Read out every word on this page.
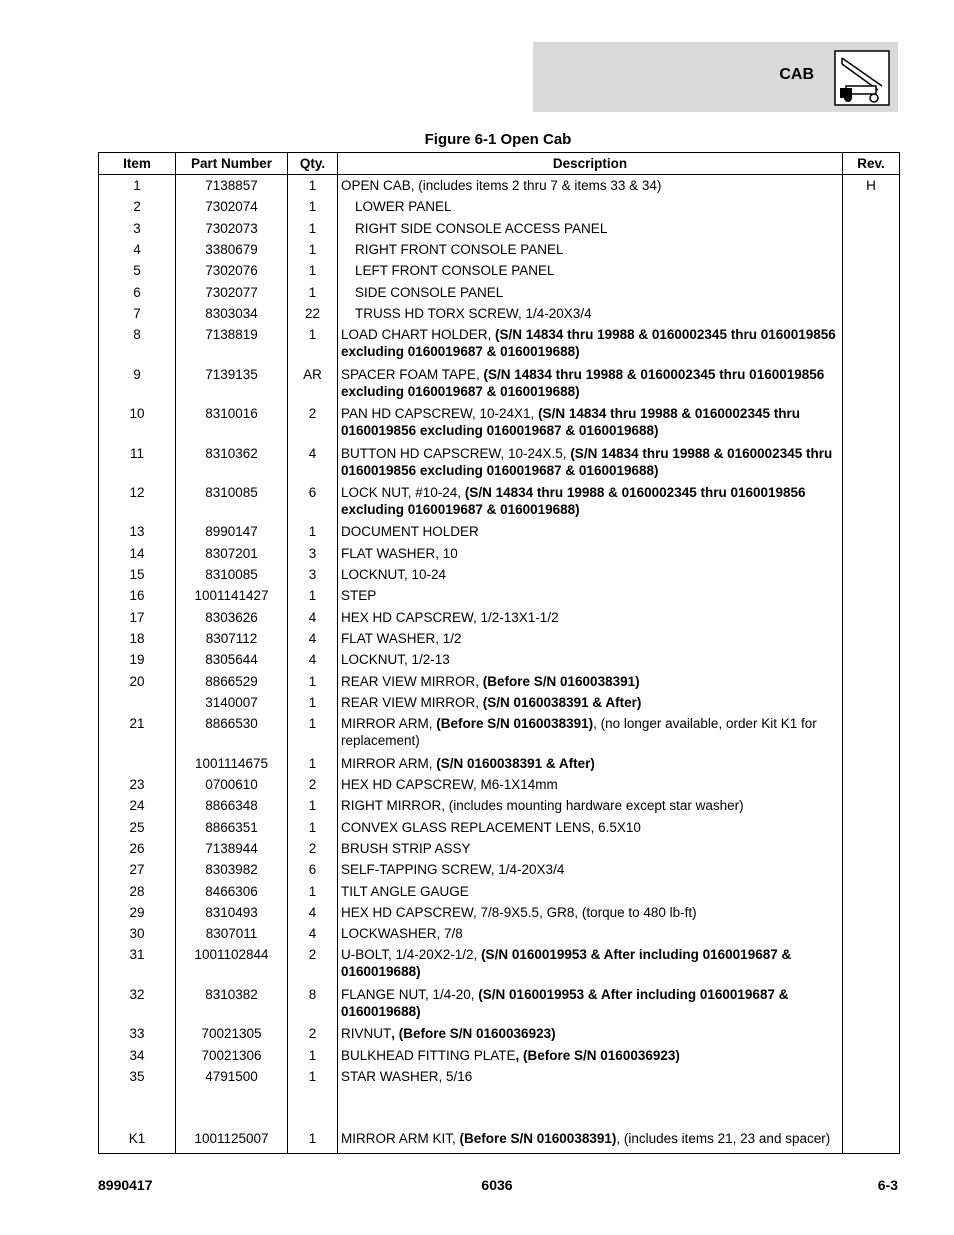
CAB
Figure 6-1 Open Cab
Item	Part Number	Qty.	Description	Rev.
1	7138857	1	OPEN CAB, (includes items 2 thru 7 & items 33 & 34)	H
2	7302074	1	LOWER PANEL	

3	7302073	1	RIGHT SIDE CONSOLE ACCESS PANEL	

4	3380679	1	RIGHT FRONT CONSOLE PANEL	

5	7302076	1	LEFT FRONT CONSOLE PANEL	

6	7302077	1	SIDE CONSOLE PANEL	

7	8303034	22	TRUSS HD TORX SCREW, 1/4-20X3/4	

8	7138819	1	LOAD CHART HOLDER, (S/N 14834 thru 19988 & 0160002345 thru 0160019856 excluding 0160019687 & 0160019688)	

9	7139135	AR	SPACER FOAM TAPE, (S/N 14834 thru 19988 & 0160002345 thru 0160019856 excluding 0160019687 & 0160019688)	

10	8310016	2	PAN HD CAPSCREW, 10-24X1, (S/N 14834 thru 19988 & 0160002345 thru 0160019856 excluding 0160019687 & 0160019688)	

11	8310362	4	BUTTON HD CAPSCREW, 10-24X.5, (S/N 14834 thru 19988 & 0160002345 thru 0160019856 excluding 0160019687 & 0160019688)	

12	8310085	6	LOCK NUT, #10-24, (S/N 14834 thru 19988 & 0160002345 thru 0160019856 excluding 0160019687 & 0160019688)	

13	8990147	1	DOCUMENT HOLDER	

14	8307201	3	FLAT WASHER, 10	

15	8310085	3	LOCKNUT, 10-24	

16	1001141427	1	STEP	

17	8303626	4	HEX HD CAPSCREW, 1/2-13X1-1/2	

18	8307112	4	FLAT WASHER, 1/2	

19	8305644	4	LOCKNUT, 1/2-13	

20	8866529	1	REAR VIEW MIRROR, (Before S/N 0160038391)	

	3140007	1	REAR VIEW MIRROR, (S/N 0160038391 & After)	

21	8866530	1	MIRROR ARM, (Before S/N 0160038391), (no longer available, order Kit K1 for replacement)	

	1001114675	1	MIRROR ARM, (S/N 0160038391 & After)	

23	0700610	2	HEX HD CAPSCREW, M6-1X14mm	

24	8866348	1	RIGHT MIRROR, (includes mounting hardware except star washer)	

25	8866351	1	CONVEX GLASS REPLACEMENT LENS, 6.5X10	

26	7138944	2	BRUSH STRIP ASSY	

27	8303982	6	SELF-TAPPING SCREW, 1/4-20X3/4	

28	8466306	1	TILT ANGLE GAUGE	

29	8310493	4	HEX HD CAPSCREW, 7/8-9X5.5, GR8, (torque to 480 lb-ft)	

30	8307011	4	LOCKWASHER, 7/8	

31	1001102844	2	U-BOLT, 1/4-20X2-1/2, (S/N 0160019953 & After including 0160019687 & 0160019688)	

32	8310382	8	FLANGE NUT, 1/4-20, (S/N 0160019953 & After including 0160019687 & 0160019688)	

33	70021305	2	RIVNUT, (Before S/N 0160036923)	

34	70021306	1	BULKHEAD FITTING PLATE, (Before S/N 0160036923)	

35	4791500	1	STAR WASHER, 5/16	

K1	1001125007	1	MIRROR ARM KIT, (Before S/N 0160038391), (includes items 21, 23 and spacer)	

8990417	6036	6-3
